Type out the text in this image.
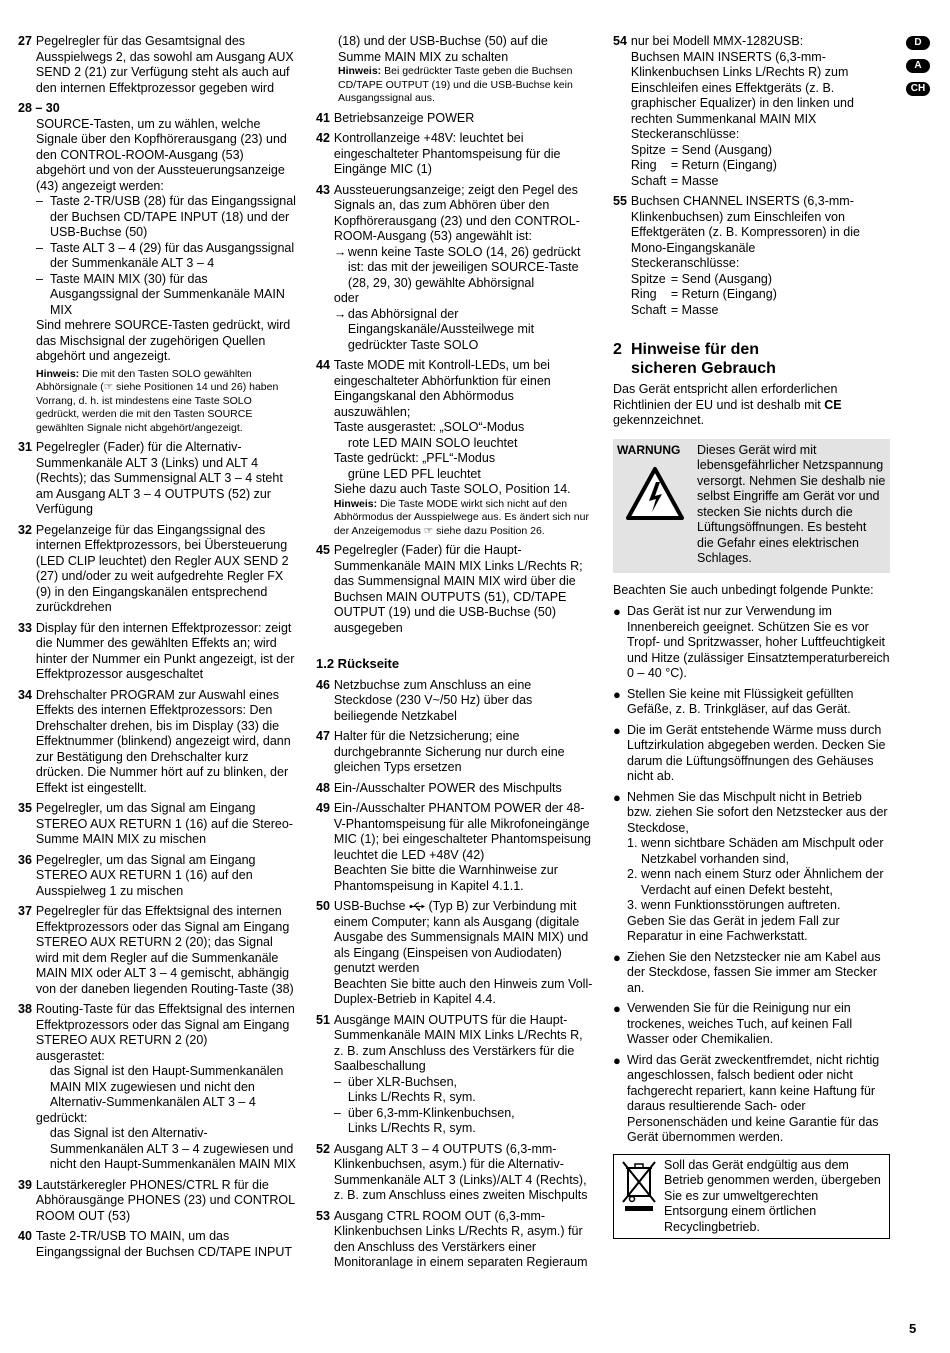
27 Pegelregler für das Gesamtsignal des Ausspielwegs 2, das sowohl am Ausgang AUX SEND 2 (21) zur Verfügung steht als auch auf den internen Effektprozessor gegeben wird
28 – 30

SOURCE-Tasten, um zu wählen, welche Signale über den Kopfhörerausgang (23) und den CONTROL-ROOM-Ausgang (53) abgehört und von der Aussteuerungsanzeige (43) angezeigt werden:

– Taste 2-TR/USB (28) für das Eingangssignal der Buchsen CD/TAPE INPUT (18) und der USB-Buchse (50)
– Taste ALT 3 – 4 (29) für das Ausgangssignal der Summenkanäle ALT 3 – 4
– Taste MAIN MIX (30) für das Ausgangssignal der Summenkanäle MAIN MIX

Sind mehrere SOURCE-Tasten gedrückt, wird das Mischsignal der zugehörigen Quellen abgehört und angezeigt.

Hinweis: Die mit den Tasten SOLO gewählten Abhörsignale (☞ siehe Positionen 14 und 26) haben Vorrang, d. h. ist mindestens eine Taste SOLO gedrückt, werden die mit den Tasten SOURCE gewählten Signale nicht abgehört/angezeigt.

31 Pegelregler (Fader) für die Alternativ-Summenkanäle ALT 3 (Links) und ALT 4 (Rechts); das Summensignal ALT 3 – 4 steht am Ausgang ALT 3 – 4 OUTPUTS (52) zur Verfügung
32 Pegelanzeige für das Eingangssignal des internen Effektprozessors, bei Übersteuerung (LED CLIP leuchtet) den Regler AUX SEND 2 (27) und/oder zu weit aufgedrehte Regler FX (9) in den Eingangskanälen entsprechend zurückdrehen
33 Display für den internen Effektprozessor: zeigt die Nummer des gewählten Effekts an; wird hinter der Nummer ein Punkt angezeigt, ist der Effektprozessor ausgeschaltet
34 Drehschalter PROGRAM zur Auswahl eines Effekts des internen Effektprozessors: Den Drehschalter drehen, bis im Display (33) die Effektnummer (blinkend) angezeigt wird, dann zur Bestätigung den Drehschalter kurz drücken. Die Nummer hört auf zu blinken, der Effekt ist eingestellt.
35 Pegelregler, um das Signal am Eingang STEREO AUX RETURN 1 (16) auf die Stereo-Summe MAIN MIX zu mischen
36 Pegelregler, um das Signal am Eingang STEREO AUX RETURN 1 (16) auf den Ausspielweg 1 zu mischen
37 Pegelregler für das Effektsignal des internen Effektprozessors oder das Signal am Eingang STEREO AUX RETURN 2 (20); das Signal wird mit dem Regler auf die Summenkanäle MAIN MIX oder ALT 3 – 4 gemischt, abhängig von der daneben liegenden Routing-Taste (38)
38 Routing-Taste für das Effektsignal des internen Effektprozessors oder das Signal am Eingang STEREO AUX RETURN 2 (20)

ausgerastet:

das Signal ist den Haupt-Summenkanälen MAIN MIX zugewiesen und nicht den Alternativ-Summenkanälen ALT 3 – 4

gedrückt:

das Signal ist den Alternativ-Summenkanälen ALT 3 – 4 zugewiesen und nicht den Haupt-Summenkanälen MAIN MIX

39 Lautstärkeregler PHONES/CTRL R für die Abhörausgänge PHONES (23) und CONTROL ROOM OUT (53)
40 Taste 2-TR/USB TO MAIN, um das Eingangssignal der Buchsen CD/TAPE INPUT

(18) und der USB-Buchse (50) auf die Summe MAIN MIX zu schalten

Hinweis: Bei gedrückter Taste geben die Buchsen CD/TAPE OUTPUT (19) und die USB-Buchse kein Ausgangssignal aus.

41 Betriebsanzeige POWER
42 Kontrollanzeige +48V: leuchtet bei eingeschalteter Phantomspeisung für die Eingänge MIC (1)
43 Aussteuerungsanzeige; zeigt den Pegel des Signals an, das zum Abhören über den Kopfhörerausgang (23) und den CONTROL-ROOM-Ausgang (53) angewählt ist:

→ wenn keine Taste SOLO (14, 26) gedrückt ist: das mit der jeweiligen SOURCE-Taste (28, 29, 30) gewählte Abhörsignal

oder

→ das Abhörsignal der Eingangskanäle/Aussteilwege mit gedrückter Taste SOLO
44 Taste MODE mit Kontroll-LEDs, um bei eingeschalteter Abhörfunktion für einen Eingangskanal den Abhörmodus auszuwählen;

Taste ausgerastet: „SOLO“-Modus

rote LED MAIN SOLO leuchtet

Taste gedrückt: „PFL“-Modus

grüne LED PFL leuchtet

Siehe dazu auch Taste SOLO, Position 14.

Hinweis: Die Taste MODE wirkt sich nicht auf den Abhörmodus der Ausspielwege aus. Es ändert sich nur der Anzeigemodus ☞ siehe dazu Position 26.

45 Pegelregler (Fader) für die Haupt-Summenkanäle MAIN MIX Links L/Rechts R; das Summensignal MAIN MIX wird über die Buchsen MAIN OUTPUTS (51), CD/TAPE OUTPUT (19) und die USB-Buchse (50) ausgegeben
1.2 Rückseite
46 Netzbuchse zum Anschluss an eine Steckdose (230 V~/50 Hz) über das beiliegende Netzkabel
47 Halter für die Netzsicherung; eine durchgebrannte Sicherung nur durch eine gleichen Typs ersetzen
48 Ein-/Ausschalter POWER des Mischpults
49 Ein-/Ausschalter PHANTOM POWER der 48-V-Phantomspeisung für alle Mikrofoneingänge MIC (1); bei eingeschalteter Phantomspeisung leuchtet die LED +48V (42)

Beachten Sie bitte die Warnhinweise zur Phantomspeisung in Kapitel 4.1.1.

50 USB-Buchse (Typ B) zur Verbindung mit einem Computer; kann als Ausgang (digitale Ausgabe des Summensignals MAIN MIX) und als Eingang (Einspeisen von Audiodaten) genutzt werden

Beachten Sie bitte auch den Hinweis zum Voll-Duplex-Betrieb in Kapitel 4.4.

51 Ausgänge MAIN OUTPUTS für die Haupt-Summenkanäle MAIN MIX Links L/Rechts R, z. B. zum Anschluss des Verstärkers für die Saalbeschallung

– über XLR-Buchsen,

Links L/Rechts R, sym.

– über 6,3-mm-Klinkenbuchsen,

Links L/Rechts R, sym.

52 Ausgang ALT 3 – 4 OUTPUTS (6,3-mm-Klinkenbuchsen, asym.) für die Alternativ-Summenkanäle ALT 3 (Links)/ALT 4 (Rechts), z. B. zum Anschluss eines zweiten Mischpults
53 Ausgang CTRL ROOM OUT (6,3-mm-Klinkenbuchsen Links L/Rechts R, asym.) für den Anschluss des Verstärkers einer Monitoranlage in einem separaten Regieraum
54 nur bei Modell MMX-1282USB:

Buchsen MAIN INSERTS (6,3-mm-Klinkenbuchsen Links L/Rechts R) zum Einschleifen eines Effektgeräts (z. B. graphischer Equalizer) in den linken und rechten Summenkanal MAIN MIX

Steckeranschlüsse:

Spitze = Send (Ausgang)
Ring	= Return (Eingang)
Schaft = Masse
55 Buchsen CHANNEL INSERTS (6,3-mm-Klinkenbuchsen) zum Einschleifen von Effektgeräten (z. B. Kompressoren) in die Mono-Eingangskanäle

Steckeranschlüsse:

Spitze = Send (Ausgang)
Ring	= Return (Eingang)
Schaft = Masse
2 Hinweise für den
sicheren Gebrauch

Das Gerät entspricht allen erforderlichen Richtlinien der EU und ist deshalb mit CE gekennzeichnet.

WARNUNG	Dieses Gerät wird mit lebensgefährlicher Netzspannung versorgt. Nehmen Sie deshalb nie selbst Eingriffe am Gerät vor und stecken Sie nichts durch die Lüftungsöffnungen. Es besteht die Gefahr eines elektrischen Schlages.

Beachten Sie auch unbedingt folgende Punkte:

● Das Gerät ist nur zur Verwendung im Innenbereich geeignet. Schützen Sie es vor Tropf- und Spritzwasser, hoher Luftfeuchtigkeit und Hitze (zulässiger Einsatztemperaturbereich 0 – 40 °C).
● Stellen Sie keine mit Flüssigkeit gefüllten Gefäße, z. B. Trinkgläser, auf das Gerät.
● Die im Gerät entstehende Wärme muss durch Luftzirkulation abgegeben werden. Decken Sie darum die Lüftungsöffnungen des Gehäuses nicht ab.
● Nehmen Sie das Mischpult nicht in Betrieb bzw. ziehen Sie sofort den Netzstecker aus der Steckdose,

1. wenn sichtbare Schäden am Mischpult oder Netzkabel vorhanden sind,
2. wenn nach einem Sturz oder Ähnlichem der Verdacht auf einen Defekt besteht,
3. wenn Funktionsstörungen auftreten.

Geben Sie das Gerät in jedem Fall zur Reparatur in eine Fachwerkstatt.

● Ziehen Sie den Netzstecker nie am Kabel aus der Steckdose, fassen Sie immer am Stecker an.
● Verwenden Sie für die Reinigung nur ein trockenes, weiches Tuch, auf keinen Fall Wasser oder Chemikalien.
● Wird das Gerät zweckentfremdet, nicht richtig angeschlossen, falsch bedient oder nicht fachgerecht repariert, kann keine Haftung für daraus resultierende Sach- oder Personenschäden und keine Garantie für das Gerät übernommen werden.
Soll das Gerät endgültig aus dem Betrieb genommen werden, übergeben Sie es zur umweltgerechten Entsorgung einem örtlichen Recyclingbetrieb.
D
A
CH
5
